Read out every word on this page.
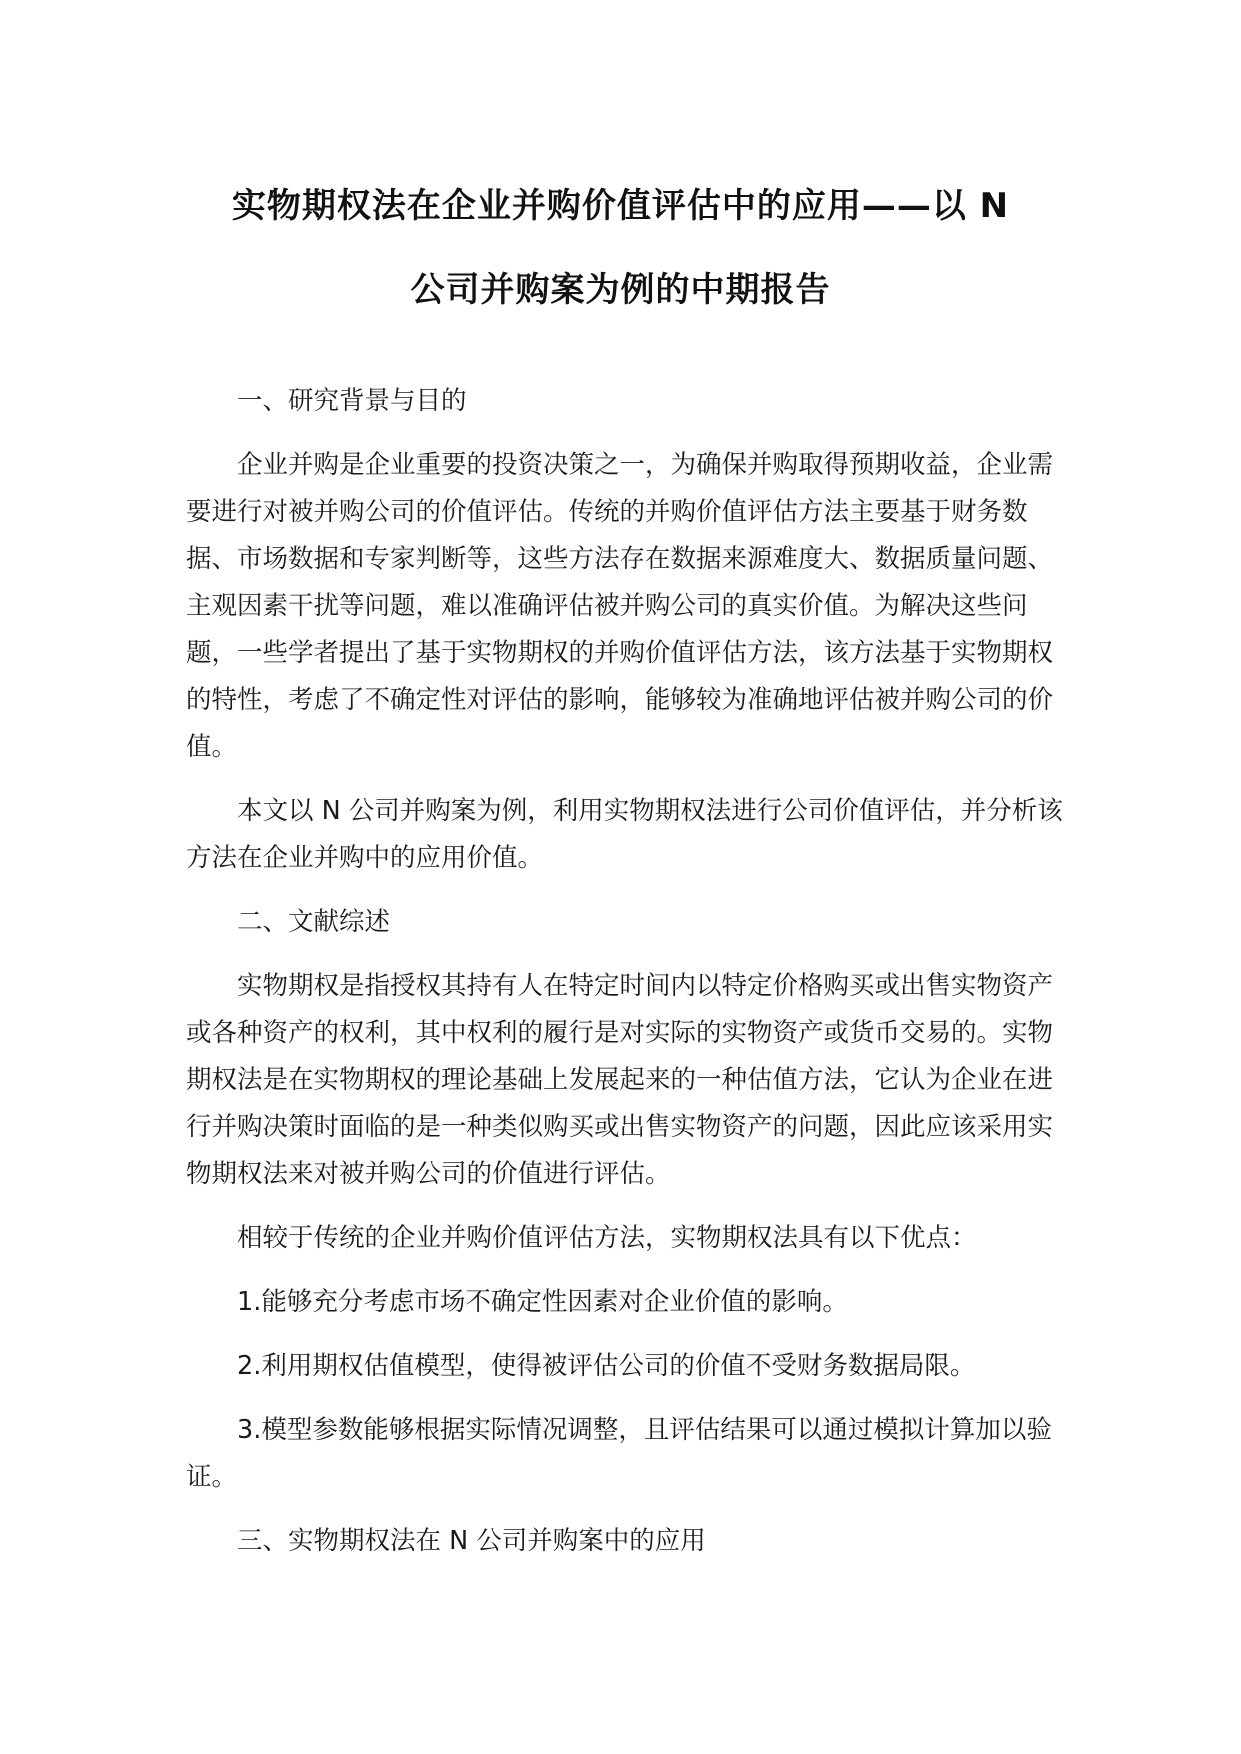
实物期权法在企业并购价值评估中的应用——以 N
公司并购案为例的中期报告

一、研究背景与目的

企业并购是企业重要的投资决策之一，为确保并购取得预期收益，企业需要进行对被并购公司的价值评估。传统的并购价值评估方法主要基于财务数据、市场数据和专家判断等，这些方法存在数据来源难度大、数据质量问题、主观因素干扰等问题，难以准确评估被并购公司的真实价值。为解决这些问题，一些学者提出了基于实物期权的并购价值评估方法，该方法基于实物期权的特性，考虑了不确定性对评估的影响，能够较为准确地评估被并购公司的价值。

本文以 N 公司并购案为例，利用实物期权法进行公司价值评估，并分析该方法在企业并购中的应用价值。

二、文献综述

实物期权是指授权其持有人在特定时间内以特定价格购买或出售实物资产或各种资产的权利，其中权利的履行是对实际的实物资产或货币交易的。实物期权法是在实物期权的理论基础上发展起来的一种估值方法，它认为企业在进行并购决策时面临的是一种类似购买或出售实物资产的问题，因此应该采用实物期权法来对被并购公司的价值进行评估。

相较于传统的企业并购价值评估方法，实物期权法具有以下优点：

1.能够充分考虑市场不确定性因素对企业价值的影响。

2.利用期权估值模型，使得被评估公司的价值不受财务数据局限。

3.模型参数能够根据实际情况调整，且评估结果可以通过模拟计算加以验证。

三、实物期权法在 N 公司并购案中的应用
